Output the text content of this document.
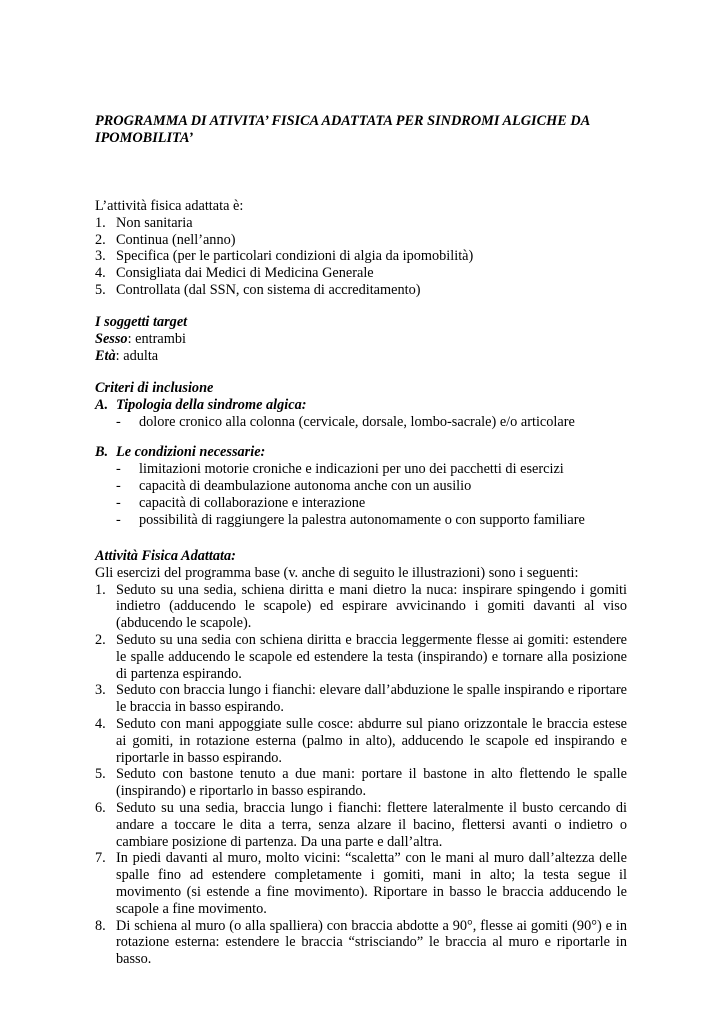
PROGRAMMA DI ATIVITA’ FISICA ADATTATA PER SINDROMI ALGICHE DA IPOMOBILITA’
L’attività fisica adattata è:
1. Non sanitaria
2. Continua (nell’anno)
3. Specifica (per le particolari condizioni di algia da ipomobilità)
4. Consigliata dai Medici di Medicina Generale
5. Controllata (dal SSN, con sistema di accreditamento)
I soggetti target
Sesso: entrambi
Età: adulta
Criteri di inclusione
A. Tipologia della sindrome algica:
- dolore cronico alla colonna (cervicale, dorsale, lombo-sacrale) e/o articolare
B. Le condizioni necessarie:
- limitazioni motorie croniche e indicazioni per uno dei pacchetti di esercizi
- capacità di deambulazione autonoma anche con un ausilio
- capacità di collaborazione e interazione
- possibilità di raggiungere la palestra autonomamente o con supporto familiare
Attività Fisica Adattata:
Gli esercizi del programma base (v. anche di seguito le illustrazioni) sono i seguenti:
1. Seduto su una sedia, schiena diritta e mani dietro la nuca: inspirare spingendo i gomiti indietro (adducendo le scapole) ed espirare avvicinando i gomiti davanti al viso (abducendo le scapole).
2. Seduto su una sedia con schiena diritta e braccia leggermente flesse ai gomiti: estendere le spalle adducendo le scapole ed estendere la testa (inspirando) e tornare alla posizione di partenza espirando.
3. Seduto con braccia lungo i fianchi: elevare dall’abduzione le spalle inspirando e riportare le braccia in basso espirando.
4. Seduto con mani appoggiate sulle cosce: abdurre sul piano orizzontale le braccia estese ai gomiti, in rotazione esterna (palmo in alto), adducendo le scapole ed inspirando e riportarle in basso espirando.
5. Seduto con bastone tenuto a due mani: portare il bastone in alto flettendo le spalle (inspirando) e riportarlo in basso espirando.
6. Seduto su una sedia, braccia lungo i fianchi: flettere lateralmente il busto cercando di andare a toccare le dita a terra, senza alzare il bacino, flettersi avanti o indietro o cambiare posizione di partenza. Da una parte e dall’altra.
7. In piedi davanti al muro, molto vicini: “scaletta” con le mani al muro dall’altezza delle spalle fino ad estendere completamente i gomiti, mani in alto; la testa segue il movimento (si estende a fine movimento). Riportare in basso le braccia adducendo le scapole a fine movimento.
8. Di schiena al muro (o alla spalliera) con braccia abdotte a 90°, flesse ai gomiti (90°) e in rotazione esterna: estendere le braccia “strisciando” le braccia al muro e riportarle in basso.
